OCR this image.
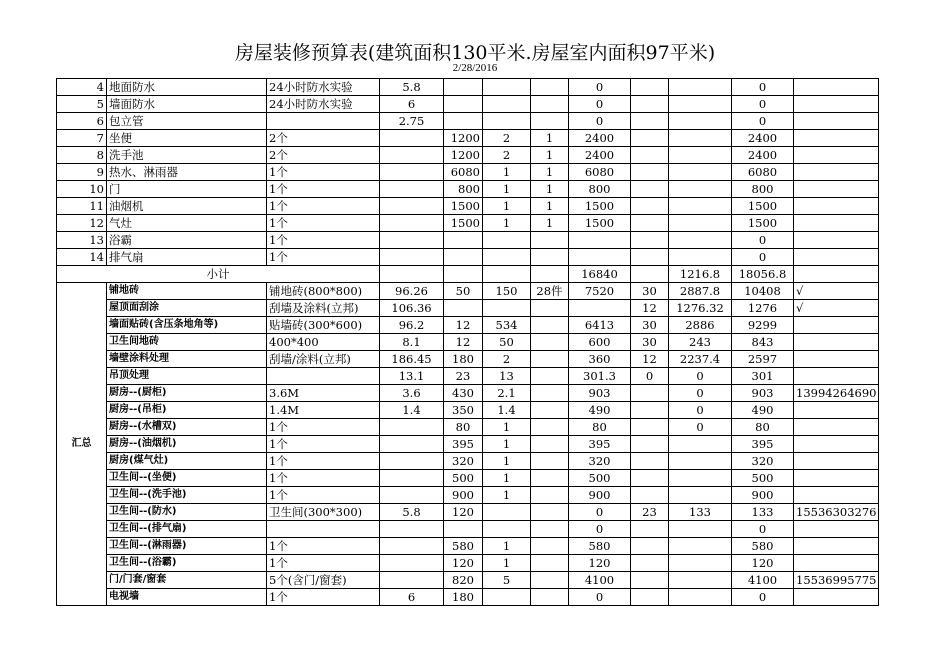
房屋装修预算表(建筑面积130平米.房屋室内面积97平米)
2/28/2016
4	地面防水	24小时防水实验	5.8				0			0	
5	墙面防水	24小时防水实验	6				0			0	
6	包立管		2.75				0			0	
7	坐便	2个		1200	2	1	2400			2400	
8	洗手池	2个		1200	2	1	2400			2400	
9	热水、淋雨器	1个		6080	1	1	6080			6080	
10	门	1个		800	1	1	800			800	
11	油烟机	1个		1500	1	1	1500			1500	
12	气灶	1个		1500	1	1	1500			1500	
13	浴霸	1个								0	
14	排气扇	1个								0	
小计							16840		1216.8	18056.8	
汇总	铺地砖	铺地砖(800*800)	96.26	50	150	28件	7520	30	2887.8	10408	√
	屋顶面刮涂	刮墙及涂料(立邦)	106.36					12	1276.32	1276	√
	墙面贴砖(含压条地角等)	贴墙砖(300*600)	96.2	12	534		6413	30	2886	9299	
	卫生间地砖	400*400	8.1	12	50		600	30	243	843	
	墙壁涂料处理	刮墙/涂料(立邦)	186.45	180	2		360	12	2237.4	2597	
	吊顶处理		13.1	23	13		301.3	0	0	301	
	厨房--(厨柜)	3.6M	3.6	430	2.1		903		0	903	13994264690
	厨房--(吊柜)	1.4M	1.4	350	1.4		490		0	490	
	厨房--(水槽双)	1个		80	1		80		0	80	
	厨房--(油烟机)	1个		395	1		395			395	
	厨房(煤气灶)	1个		320	1		320			320	
	卫生间--(坐便)	1个		500	1		500			500	
	卫生间--(洗手池)	1个		900	1		900			900	
	卫生间--(防水)	卫生间(300*300)	5.8	120			0	23	133	133	15536303276
	卫生间--(排气扇)						0			0	
	卫生间--(淋雨器)	1个		580	1		580			580	
	卫生间--(浴霸)	1个		120	1		120			120	
	门/门套/窗套	5个(含门/窗套)		820	5		4100			4100	15536995775
	电视墙	1个	6	180			0			0	
